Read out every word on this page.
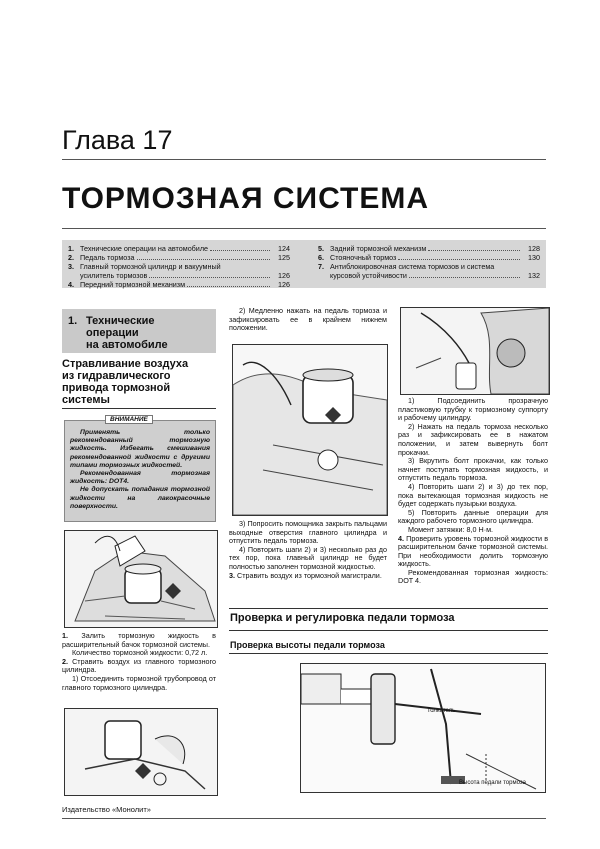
Глава 17
ТОРМОЗНАЯ СИСТЕМА
1. Технические операции на автомобиле	124
2. Педаль тормоза	125
3. Главный тормозной цилиндр и вакуумный
усилитель тормозов	126
4. Передний тормозной механизм	126
5. Задний тормозной механизм	128
6. Стояночный тормоз	130
7. Антиблокировочная система тормозов и система
курсовой устойчивости	132
1. Технические
операции
на автомобиле
Стравливание воздуха
из гидравлического
привода тормозной
системы
ВНИМАНИЕ

Применять только рекомендованный тормозную жидкость. Избегать смешивания рекомендованной жидкости с другими типами тормозных жидкостей.

Рекомендованная тормозная жидкость: DOT4.

Не допускать попадания тормозной жидкости на лакокрасочные поверхности.

1. Залить тормозную жидкость в расширительный бачок тормозной системы.

Количество тормозной жидкости: 0,72 л.

2. Стравить воздух из главного тормозного цилиндра.

1) Отсоединить тормозной трубопровод от главного тормозного цилиндра.

2) Медленно нажать на педаль тормоза и зафиксировать ее в крайнем нижнем положении.

3) Попросить помощника закрыть пальцами выходные отверстия главного цилиндра и отпустить педаль тормоза.

4) Повторить шаги 2) и 3) несколько раз до тех пор, пока главный цилиндр не будет полностью заполнен тормозной жидкостью.

3. Стравить воздух из тормозной магистрали.

1) Подсоединить прозрачную пластиковую трубку к тормозному суппорту и рабочему цилиндру.

2) Нажать на педаль тормоза несколько раз и зафиксировать ее в нажатом положении, и затем вывернуть болт прокачки.

3) Вкрутить болт прокачки, как только начнет поступать тормозная жидкость, и отпустить педаль тормоза.

4) Повторить шаги 2) и 3) до тех пор, пока вытекающая тормозная жидкость не будет содержать пузырьки воздуха.

5) Повторить данные операции для каждого рабочего тормозного цилиндра.

Момент затяжки: 8,0 Н·м.

4. Проверить уровень тормозной жидкости в расширительном бачке тормозной системы. При необходимости долить тормозную жидкость.

Рекомендованная тормозная жидкость: DOT 4.

Проверка и регулировка педали тормоза
Проверка высоты педали тормоза
Толкатель
Высота педали тормоза
Издательство «Монолит»
